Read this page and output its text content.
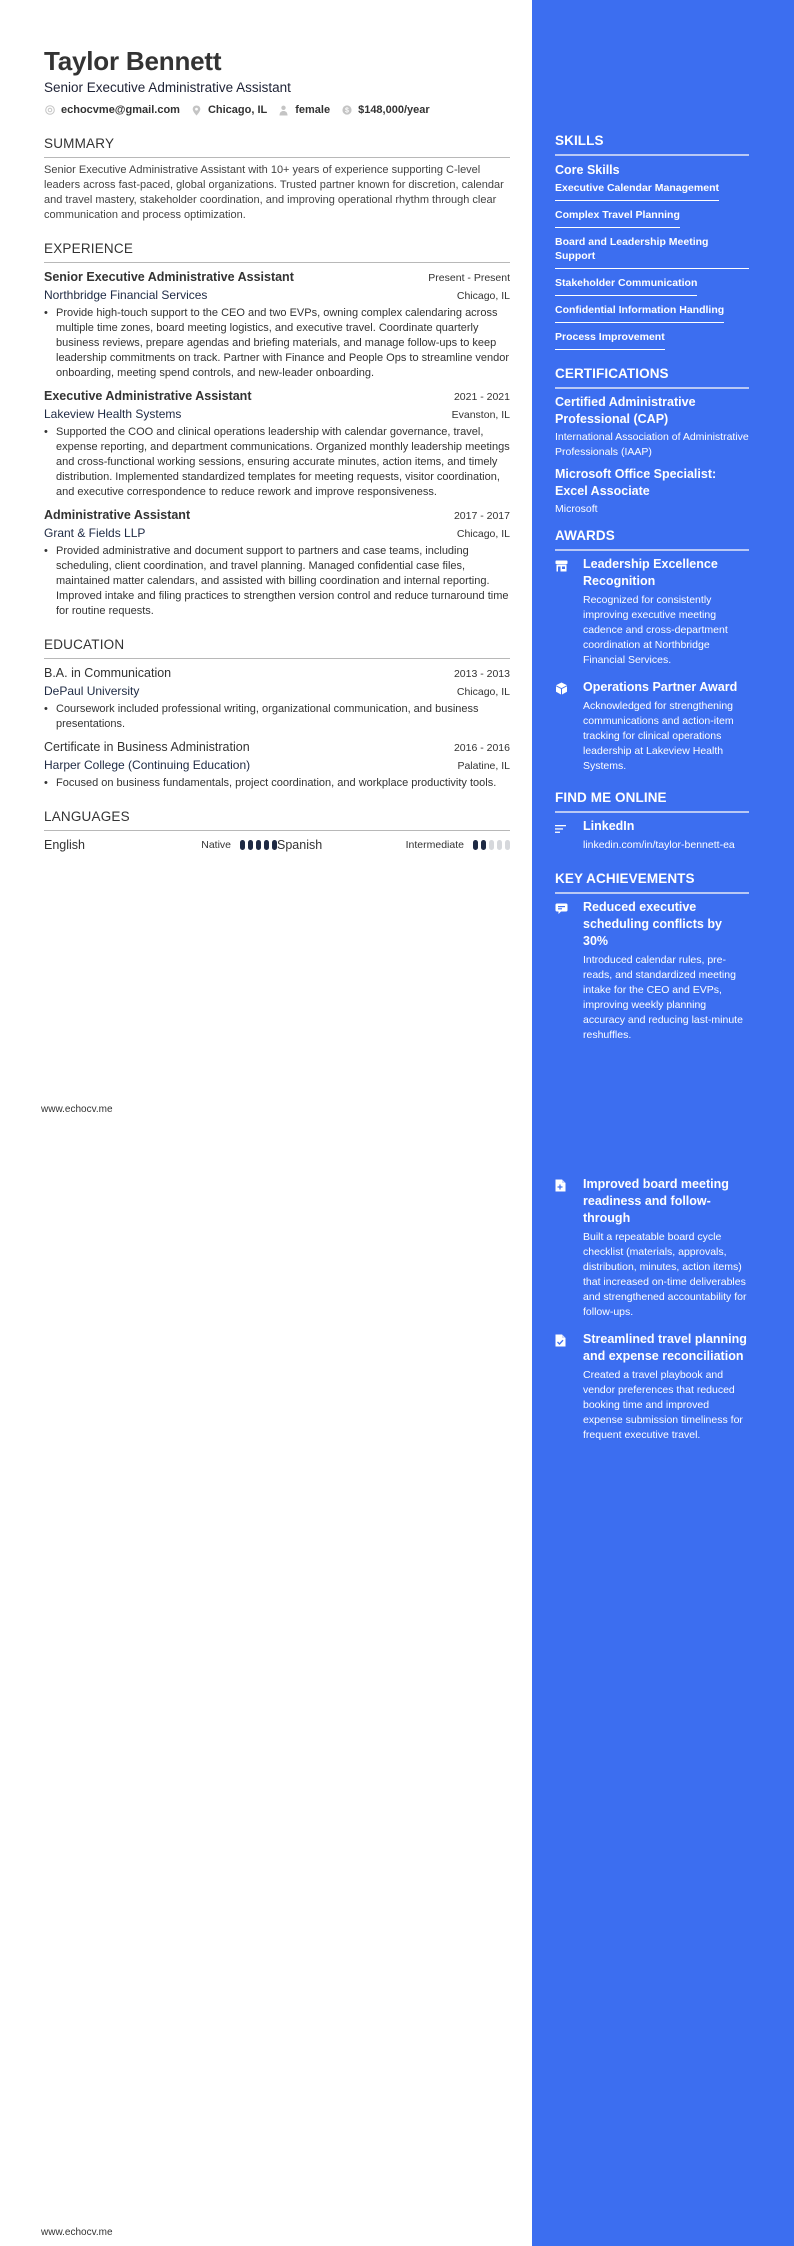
Taylor Bennett
Senior Executive Administrative Assistant
echocvme@gmail.com	Chicago, IL	female $ $148,000/year
SUMMARY
Senior Executive Administrative Assistant with 10+ years of experience supporting C-level leaders across fast-paced, global organizations. Trusted partner known for discretion, calendar and travel mastery, stakeholder coordination, and improving operational rhythm through clear communication and process optimization.
EXPERIENCE
Senior Executive Administrative Assistant	Present - Present
Northbridge Financial Services	Chicago, IL
• Provide high-touch support to the CEO and two EVPs, owning complex calendaring across multiple time zones, board meeting logistics, and executive travel. Coordinate quarterly business reviews, prepare agendas and briefing materials, and manage follow-ups to keep leadership commitments on track. Partner with Finance and People Ops to streamline vendor onboarding, meeting spend controls, and new-leader onboarding.
Executive Administrative Assistant	2021 - 2021
Lakeview Health Systems	Evanston, IL
• Supported the COO and clinical operations leadership with calendar governance, travel, expense reporting, and department communications. Organized monthly leadership meetings and cross-functional working sessions, ensuring accurate minutes, action items, and timely distribution. Implemented standardized templates for meeting requests, visitor coordination, and executive correspondence to reduce rework and improve responsiveness.
Administrative Assistant	2017 - 2017
Grant & Fields LLP	Chicago, IL
• Provided administrative and document support to partners and case teams, including scheduling, client coordination, and travel planning. Managed confidential case files, maintained matter calendars, and assisted with billing coordination and internal reporting. Improved intake and filing practices to strengthen version control and reduce turnaround time for routine requests.
EDUCATION
B.A. in Communication	2013 - 2013
DePaul University	Chicago, IL
• Coursework included professional writing, organizational communication, and business presentations.
Certificate in Business Administration	2016 - 2016
Harper College (Continuing Education)	Palatine, IL
• Focused on business fundamentals, project coordination, and workplace productivity tools.
LANGUAGES
English	Native	Spanish	Intermediate
www.echocv.me
www.echocv.me
SKILLS
Core Skills
Executive Calendar Management
Complex Travel Planning
Board and Leadership Meeting Support
Stakeholder Communication
Confidential Information Handling
Process Improvement
CERTIFICATIONS
Certified Administrative Professional (CAP)
International Association of Administrative Professionals (IAAP)
Microsoft Office Specialist: Excel Associate
Microsoft
AWARDS
Leadership Excellence Recognition
Recognized for consistently improving executive meeting cadence and cross-department coordination at Northbridge Financial Services.
Operations Partner Award
Acknowledged for strengthening communications and action-item tracking for clinical operations leadership at Lakeview Health Systems.
FIND ME ONLINE
LinkedIn
linkedin.com/in/taylor-bennett-ea
KEY ACHIEVEMENTS
Reduced executive scheduling conflicts by 30%
Introduced calendar rules, pre-reads, and standardized meeting intake for the CEO and EVPs, improving weekly planning accuracy and reducing last-minute reshuffles.
Improved board meeting readiness and follow-through
Built a repeatable board cycle checklist (materials, approvals, distribution, minutes, action items) that increased on-time deliverables and strengthened accountability for follow-ups.
Streamlined travel planning and expense reconciliation
Created a travel playbook and vendor preferences that reduced booking time and improved expense submission timeliness for frequent executive travel.
